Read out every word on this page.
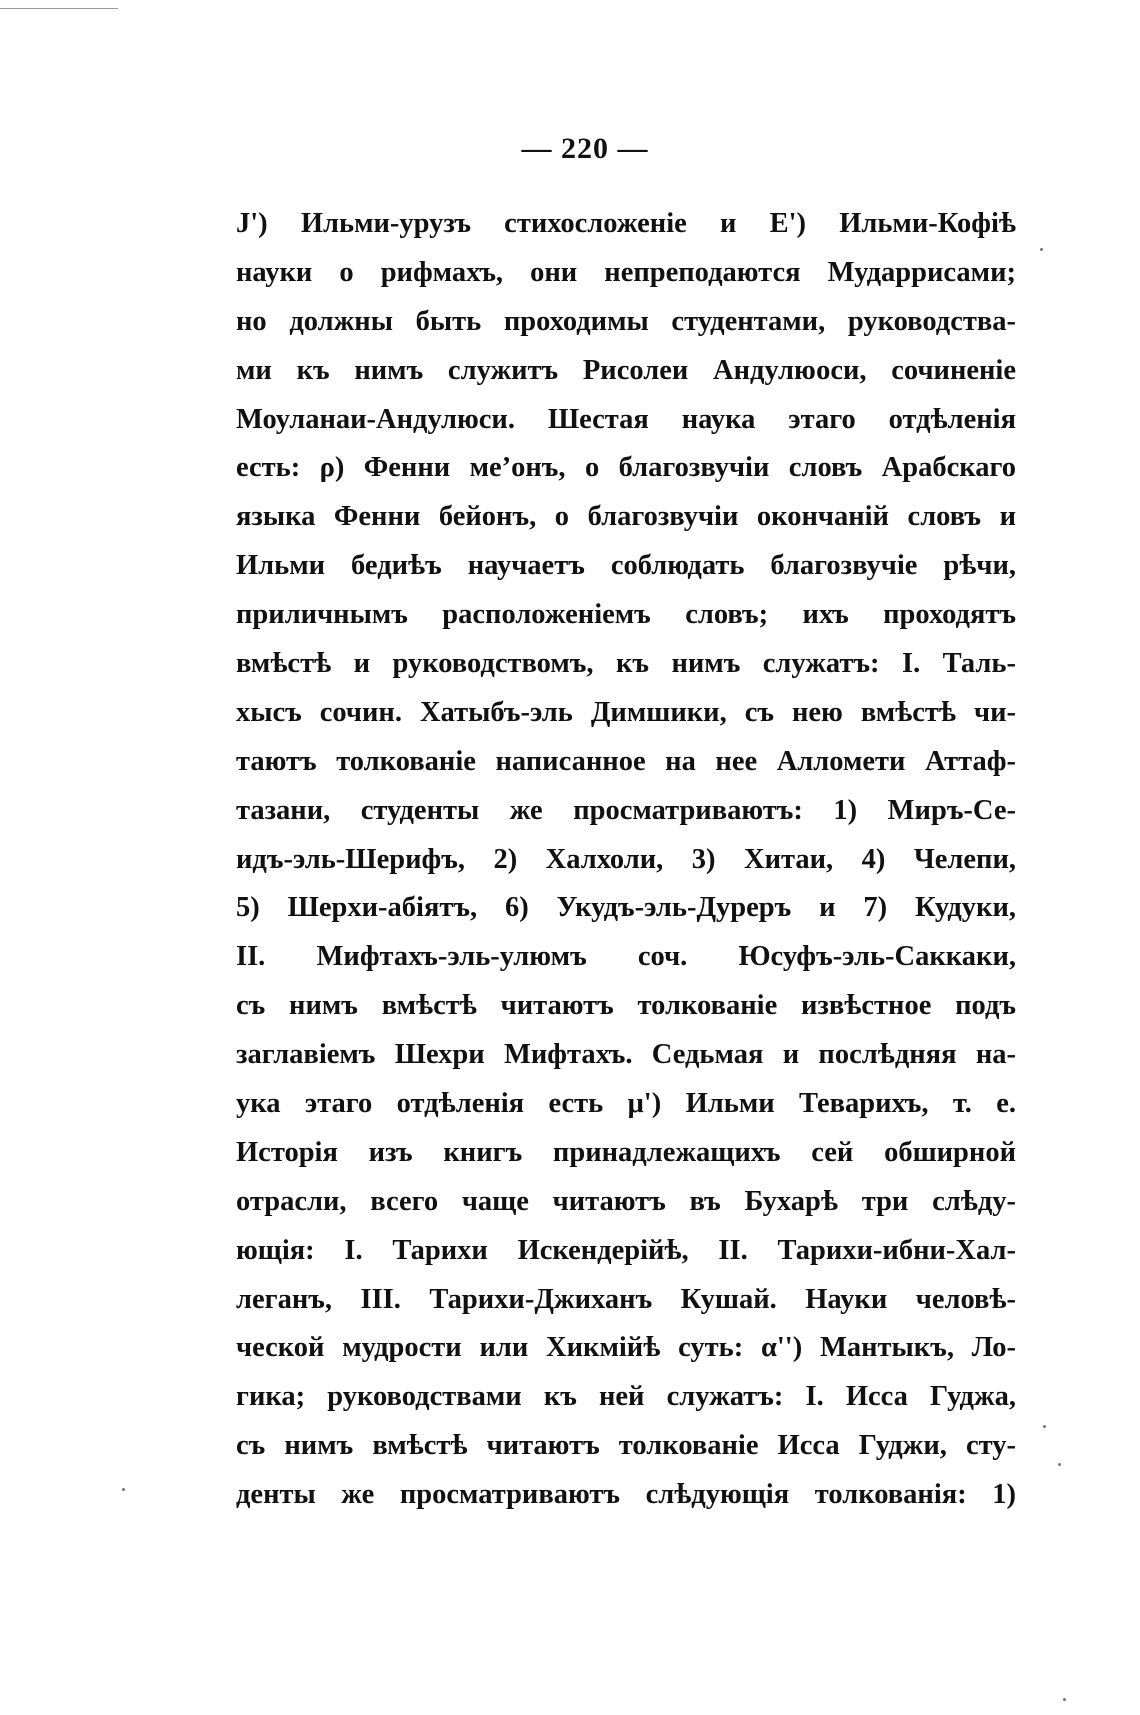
— 220 —
J') Ильми-урузъ стихосложеніе и Е') Ильми-Кофiѣ
науки о рифмахъ, они непреподаются Мударрисами;
но должны быть проходимы студентами, руководства-
ми къ нимъ служитъ Рисолеи Андулюоси, сочиненіе
Моуланаи-Андулюси. Шестая наука этаго отдѣленія
есть: ρ) Фенни меʼонъ, о благозвучіи словъ Арабскаго
языка Фенни бейонъ, о благозвучіи окончаній словъ и
Ильми бедиѣъ научаетъ соблюдать благозвучіе рѣчи,
приличнымъ расположеніемъ словъ; ихъ проходятъ
вмѣстѣ и руководствомъ, къ нимъ служатъ: I. Таль-
хысъ сочин. Хатыбъ-эль Димшики, съ нею вмѣстѣ чи-
таютъ толкованіе написанное на нее Алломети Аттаф-
тазани, студенты же просматриваютъ: 1) Миръ-Се-
идъ-эль-Шерифъ, 2) Халхоли, 3) Хитаи, 4) Челепи,
5) Шерхи-абіятъ, 6) Укудъ-эль-Дуреръ и 7) Кудуки,
II. Мифтахъ-эль-улюмъ соч. Юсуфъ-эль-Саккаки,
съ нимъ вмѣстѣ читаютъ толкованіе извѣстное подъ
заглавіемъ Шехри Мифтахъ. Седьмая и послѣдняя на-
ука этаго отдѣленія есть μ') Ильми Теварихъ, т. е.
Исторія изъ книгъ принадлежащихъ сей обширной
отрасли, всего чаще читаютъ въ Бухарѣ три слѣду-
ющія: I. Тарихи Искендерійѣ, II. Тарихи-ибни-Хал-
леганъ, III. Тарихи-Джиханъ Кушай. Науки человѣ-
ческой мудрости или Хикмійѣ суть: α'') Мантыкъ, Ло-
гика; руководствами къ ней служатъ: I. Исса Гуджа,
съ нимъ вмѣстѣ читаютъ толкованіе Исса Гуджи, сту-
денты же просматриваютъ слѣдующія толкованія: 1)
